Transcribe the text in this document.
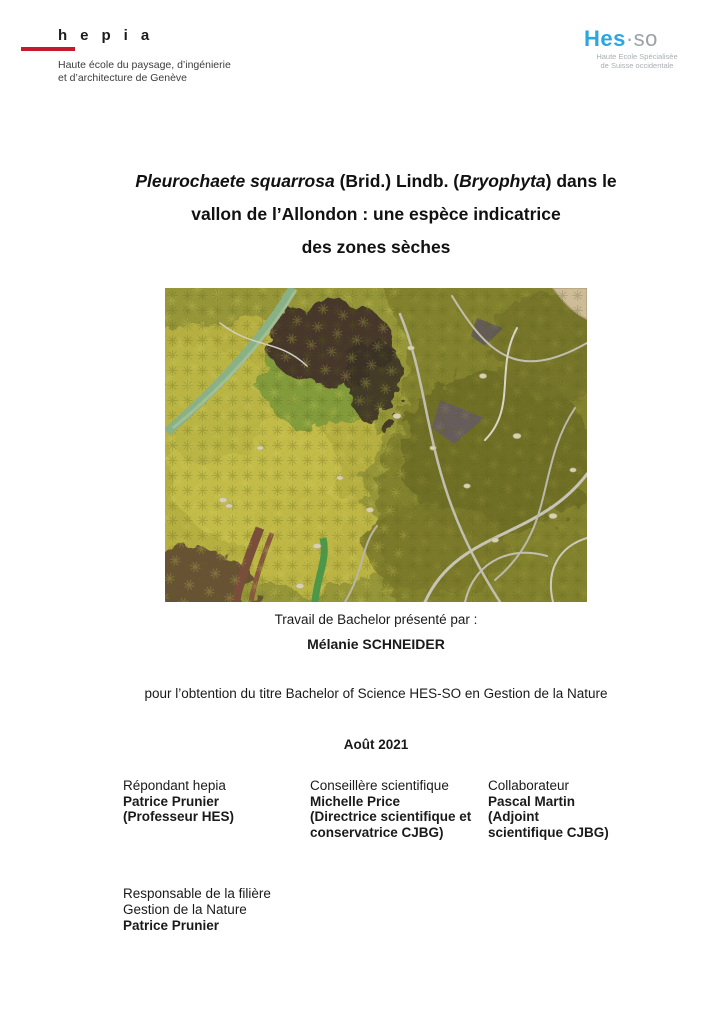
hepia
Haute école du paysage, d’ingénierie
et d’architecture de Genève
Hes·so
Haute Ecole Spécialisée
de Suisse occidentale
Pleurochaete squarrosa (Brid.) Lindb. (Bryophyta) dans le
vallon de l’Allondon : une espèce indicatrice
des zones sèches
Travail de Bachelor présenté par :
Mélanie SCHNEIDER
pour l’obtention du titre Bachelor of Science HES-SO en Gestion de la Nature
Août 2021
Répondant hepia
Patrice Prunier
(Professeur HES)
Conseillère scientifique
Michelle Price
(Directrice scientifique et
conservatrice CJBG)
Collaborateur
Pascal Martin
(Adjoint
scientifique CJBG)
Responsable de la filière
Gestion de la Nature
Patrice Prunier
